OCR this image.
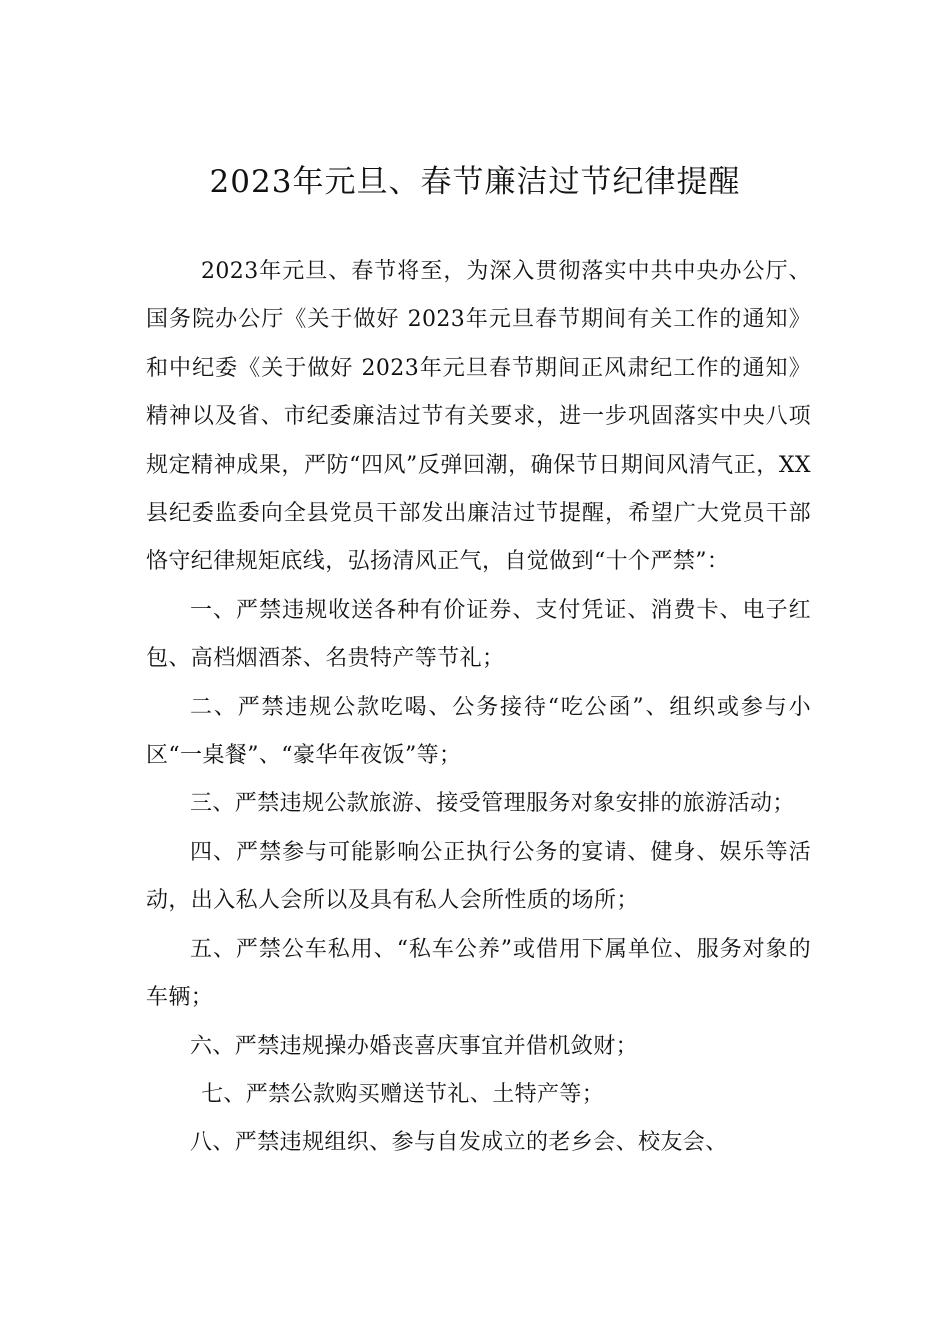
2023年元旦、春节廉洁过节纪律提醒

2023年元旦、春节将至，为深入贯彻落实中共中央办公厅、国务院办公厅《关于做好 2023年元旦春节期间有关工作的通知》和中纪委《关于做好 2023年元旦春节期间正风肃纪工作的通知》精神以及省、市纪委廉洁过节有关要求，进一步巩固落实中央八项规定精神成果，严防“四风”反弹回潮，确保节日期间风清气正，XX 县纪委监委向全县党员干部发出廉洁过节提醒，希望广大党员干部恪守纪律规矩底线，弘扬清风正气，自觉做到“十个严禁”：

一、严禁违规收送各种有价证券、支付凭证、消费卡、电子红包、高档烟酒茶、名贵特产等节礼；

二、严禁违规公款吃喝、公务接待“吃公函”、组织或参与小区“一桌餐”、“豪华年夜饭”等；

三、严禁违规公款旅游、接受管理服务对象安排的旅游活动；

四、严禁参与可能影响公正执行公务的宴请、健身、娱乐等活动，出入私人会所以及具有私人会所性质的场所；

五、严禁公车私用、“私车公养”或借用下属单位、服务对象的车辆；

六、严禁违规操办婚丧喜庆事宜并借机敛财；

七、严禁公款购买赠送节礼、土特产等；

八、严禁违规组织、参与自发成立的老乡会、校友会、
